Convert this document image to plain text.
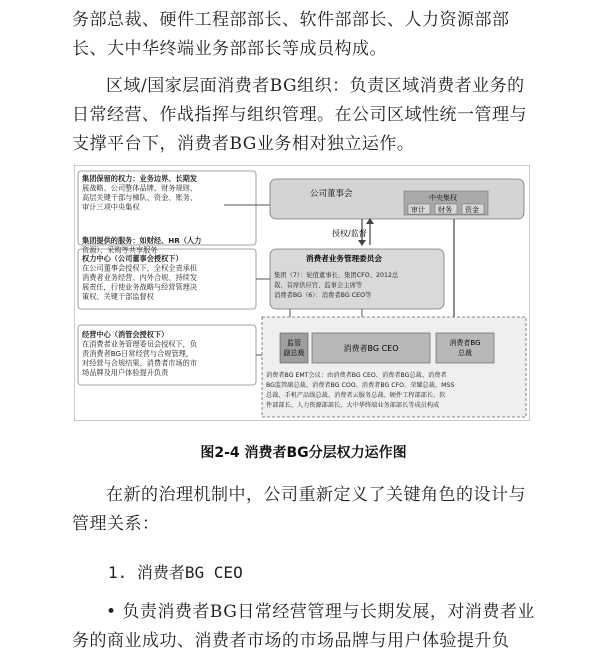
务部总裁、硬件工程部部长、软件部部长、人力资源部部长、大中华终端业务部部长等成员构成。
区域/国家层面消费者BG组织：负责区域消费者业务的日常经营、作战指挥与组织管理。在公司区域性统一管理与支撑平台下，消费者BG业务相对独立运作。
集团保留的权力：业务边界、长期发
展战略、公司整体品牌、财务规则、
高层关键干部与梯队、资金、账务、
审计三项中央集权
集团提供的服务：如财经、HR（人力
资源）、采购等共享服务
权力中心（公司董事会授权下）
在公司董事会授权下，全权全责承担
消费者业务经营、内外合规、持续发
展责任，行使业务战略与经营管理决
策权、关键干部监督权
经营中心（消管会授权下）
在消费者业务管理委员会授权下，负
责消费者BG日常经营与合规管理，
对经营与合规结果、消费者市场的市
场品牌及用户体验提升负责
公司董事会	中央集权
审计 财务 资金
授权/监督
消费者业务管理委员会
集团（7）：轮值董事长、集团CFO、2012总
裁、首席供应官、监事会主席等
消费者BG（6）：消费者BG CEO等
监管
副总裁	消费者BG CEO
消费者BG
总裁
消费者BG EMT会议：由消费者BG CEO、消费者BG总裁、消费者
BG监管副总裁、消费者BG COO、消费者BG CFO、荣耀总裁、MSS
总裁、手机产品线总裁、消费者云服务总裁、硬件工程部部长、软
件部部长、人力资源部部长、大中华终端业务部部长等成员构成
图2-4 消费者BG分层权力运作图
在新的治理机制中，公司重新定义了关键角色的设计与管理关系：
1. 消费者BG CEO
• 负责消费者BG日常经营管理与长期发展，对消费者业务的商业成功、消费者市场的市场品牌与用户体验提升负
